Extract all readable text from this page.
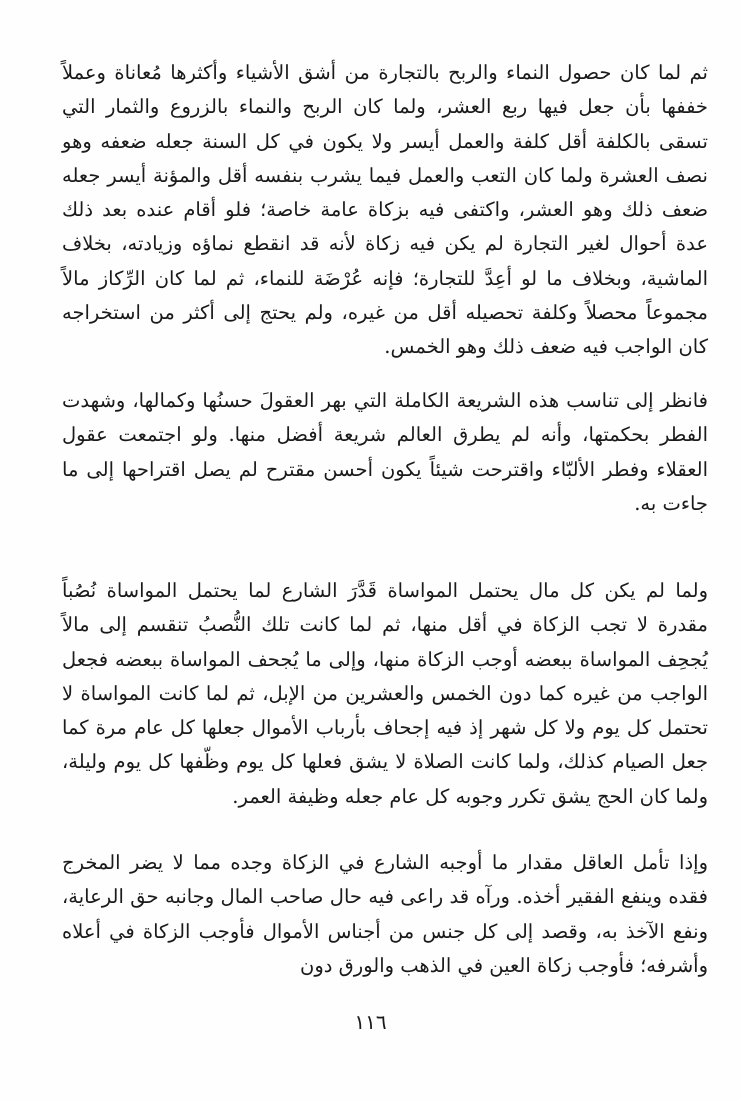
ثم لما كان حصول النماء والربح بالتجارة من أشق الأشياء وأكثرها مُعاناة وعملاً خففها بأن جعل فيها ربع العشر، ولما كان الربح والنماء بالزروع والثمار التي تسقى بالكلفة أقل كلفة والعمل أيسر ولا يكون في كل السنة جعله ضعفه وهو نصف العشرة ولما كان التعب والعمل فيما يشرب بنفسه أقل والمؤنة أيسر جعله ضعف ذلك وهو العشر، واكتفى فيه بزكاة عامة خاصة؛ فلو أقام عنده بعد ذلك عدة أحوال لغير التجارة لم يكن فيه زكاة لأنه قد انقطع نماؤه وزيادته، بخلاف الماشية، وبخلاف ما لو أعِدَّ للتجارة؛ فإنه عُرْضَة للنماء، ثم لما كان الرِّكاز مالاً مجموعاً محصلاً وكلفة تحصيله أقل من غيره، ولم يحتج إلى أكثر من استخراجه كان الواجب فيه ضعف ذلك وهو الخمس.

فانظر إلى تناسب هذه الشريعة الكاملة التي بهر العقولَ حسنُها وكمالها، وشهدت الفطر بحكمتها، وأنه لم يطرق العالم شريعة أفضل منها. ولو اجتمعت عقول العقلاء وفطر الألبّاء واقترحت شيئاً يكون أحسن مقترح لم يصل اقتراحها إلى ما جاءت به.

ولما لم يكن كل مال يحتمل المواساة قَدَّرَ الشارع لما يحتمل المواساة نُصُباً مقدرة لا تجب الزكاة في أقل منها، ثم لما كانت تلك النُّصبُ تنقسم إلى مالاً يُجحِف المواساة ببعضه أوجب الزكاة منها، وإلى ما يُجحف المواساة ببعضه فجعل الواجب من غيره كما دون الخمس والعشرين من الإبل، ثم لما كانت المواساة لا تحتمل كل يوم ولا كل شهر إذ فيه إجحاف بأرباب الأموال جعلها كل عام مرة كما جعل الصيام كذلك، ولما كانت الصلاة لا يشق فعلها كل يوم وظّفها كل يوم وليلة، ولما كان الحج يشق تكرر وجوبه كل عام جعله وظيفة العمر.

وإذا تأمل العاقل مقدار ما أوجبه الشارع في الزكاة وجده مما لا يضر المخرج فقده وينفع الفقير أخذه. ورآه قد راعى فيه حال صاحب المال وجانبه حق الرعاية، ونفع الآخذ به، وقصد إلى كل جنس من أجناس الأموال فأوجب الزكاة في أعلاه وأشرفه؛ فأوجب زكاة العين في الذهب والورق دون

١١٦
